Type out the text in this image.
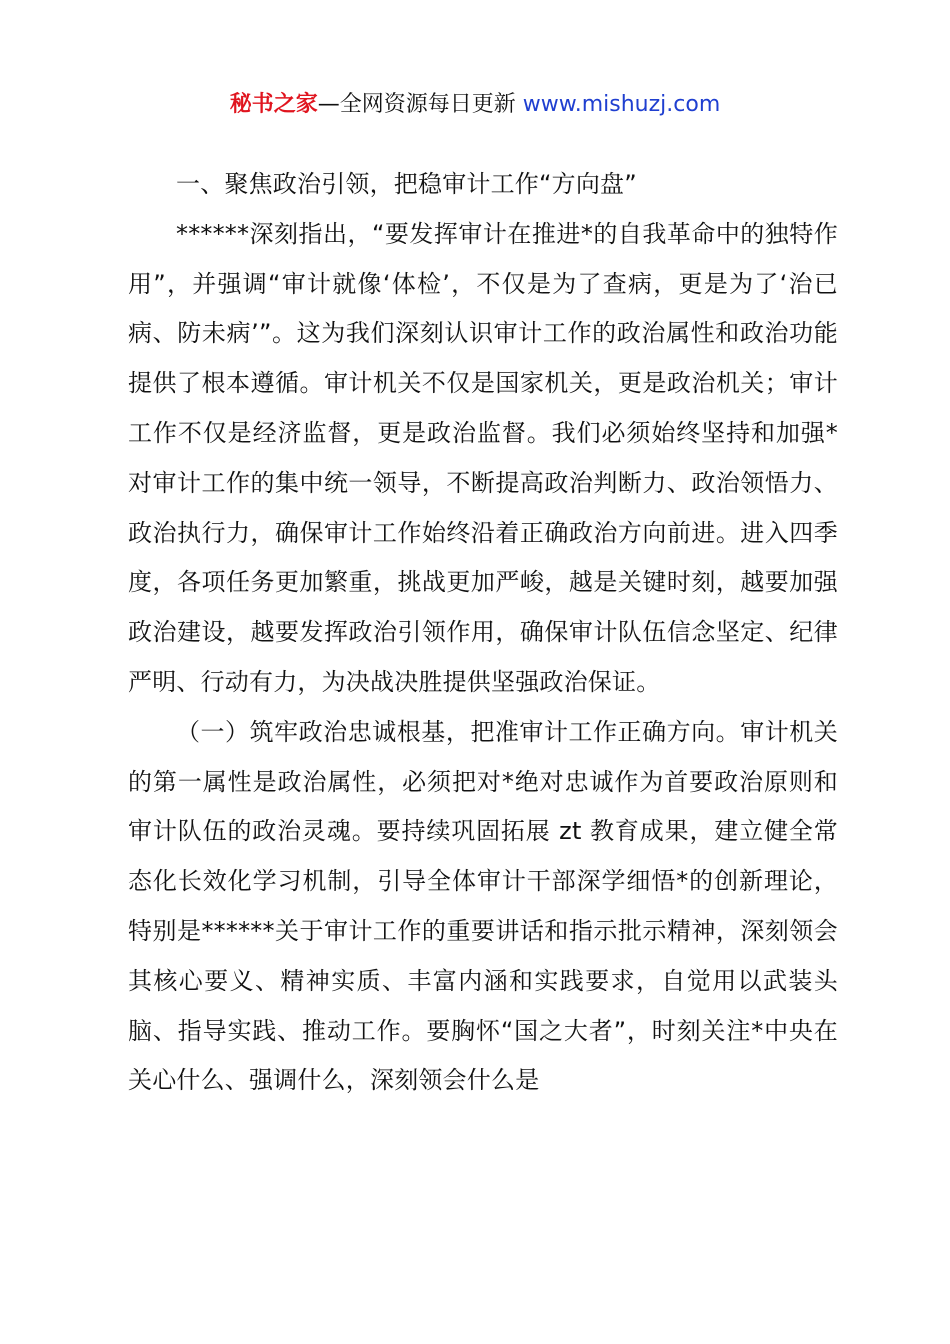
秘书之家—全网资源每日更新 www.mishuzj.com

一、聚焦政治引领，把稳审计工作“方向盘”

******深刻指出，“要发挥审计在推进*的自我革命中的独特作用”，并强调“审计就像‘体检’，不仅是为了查病，更是为了‘治已病、防未病’”。这为我们深刻认识审计工作的政治属性和政治功能提供了根本遵循。审计机关不仅是国家机关，更是政治机关；审计工作不仅是经济监督，更是政治监督。我们必须始终坚持和加强*对审计工作的集中统一领导，不断提高政治判断力、政治领悟力、政治执行力，确保审计工作始终沿着正确政治方向前进。进入四季度，各项任务更加繁重，挑战更加严峻，越是关键时刻，越要加强政治建设，越要发挥政治引领作用，确保审计队伍信念坚定、纪律严明、行动有力，为决战决胜提供坚强政治保证。

（一）筑牢政治忠诚根基，把准审计工作正确方向。审计机关的第一属性是政治属性，必须把对*绝对忠诚作为首要政治原则和审计队伍的政治灵魂。要持续巩固拓展 zt 教育成果，建立健全常态化长效化学习机制，引导全体审计干部深学细悟*的创新理论，特别是******关于审计工作的重要讲话和指示批示精神，深刻领会其核心要义、精神实质、丰富内涵和实践要求，自觉用以武装头脑、指导实践、推动工作。要胸怀“国之大者”，时刻关注*中央在关心什么、强调什么，深刻领会什么是
